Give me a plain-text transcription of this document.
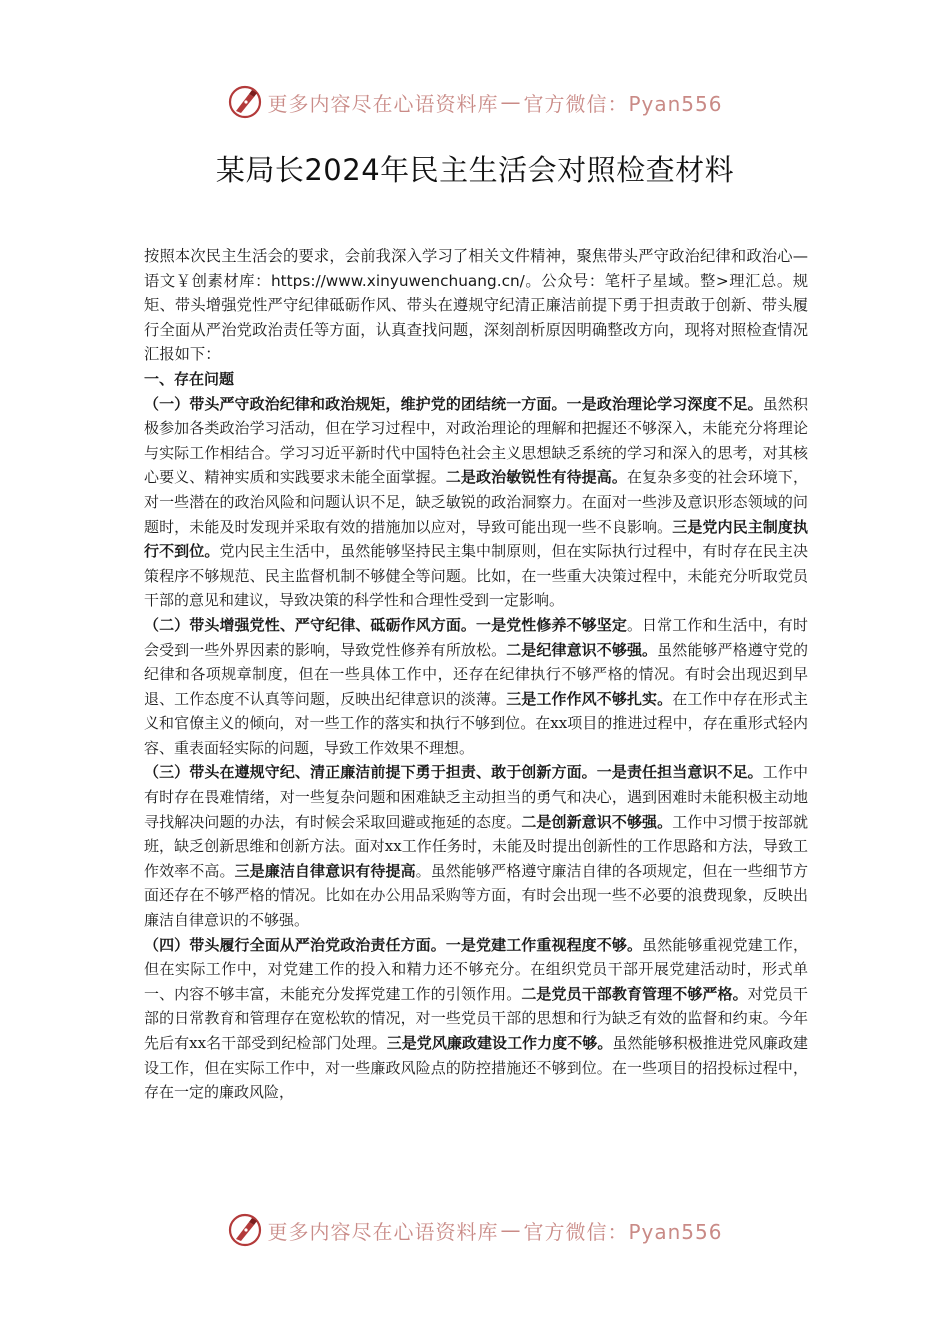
更多内容尽在心语资料库 — 官方微信：Pyan556
某局长2024年民主生活会对照检查材料

按照本次民主生活会的要求，会前我深入学习了相关文件精神，聚焦带头严守政治纪律和政治心—语文￥创素材库：https://www.xinyuwenchuang.cn/。公众号：笔杆子星域。整>理汇总。规矩、带头增强党性严守纪律砥砺作风、带头在遵规守纪清正廉洁前提下勇于担责敢于创新、带头履行全面从严治党政治责任等方面，认真查找问题，深刻剖析原因明确整改方向，现将对照检查情况汇报如下：

一、存在问题

（一）带头严守政治纪律和政治规矩，维护党的团结统一方面。一是政治理论学习深度不足。虽然积极参加各类政治学习活动，但在学习过程中，对政治理论的理解和把握还不够深入，未能充分将理论与实际工作相结合。学习习近平新时代中国特色社会主义思想缺乏系统的学习和深入的思考，对其核心要义、精神实质和实践要求未能全面掌握。二是政治敏锐性有待提高。在复杂多变的社会环境下，对一些潜在的政治风险和问题认识不足，缺乏敏锐的政治洞察力。在面对一些涉及意识形态领域的问题时，未能及时发现并采取有效的措施加以应对，导致可能出现一些不良影响。三是党内民主制度执行不到位。党内民主生活中，虽然能够坚持民主集中制原则，但在实际执行过程中，有时存在民主决策程序不够规范、民主监督机制不够健全等问题。比如，在一些重大决策过程中，未能充分听取党员干部的意见和建议，导致决策的科学性和合理性受到一定影响。

（二）带头增强党性、严守纪律、砥砺作风方面。一是党性修养不够坚定。日常工作和生活中，有时会受到一些外界因素的影响，导致党性修养有所放松。二是纪律意识不够强。虽然能够严格遵守党的纪律和各项规章制度，但在一些具体工作中，还存在纪律执行不够严格的情况。有时会出现迟到早退、工作态度不认真等问题，反映出纪律意识的淡薄。三是工作作风不够扎实。在工作中存在形式主义和官僚主义的倾向，对一些工作的落实和执行不够到位。在xx项目的推进过程中，存在重形式轻内容、重表面轻实际的问题，导致工作效果不理想。

（三）带头在遵规守纪、清正廉洁前提下勇于担责、敢于创新方面。一是责任担当意识不足。工作中有时存在畏难情绪，对一些复杂问题和困难缺乏主动担当的勇气和决心，遇到困难时未能积极主动地寻找解决问题的办法，有时候会采取回避或拖延的态度。二是创新意识不够强。工作中习惯于按部就班，缺乏创新思维和创新方法。面对xx工作任务时，未能及时提出创新性的工作思路和方法，导致工作效率不高。三是廉洁自律意识有待提高。虽然能够严格遵守廉洁自律的各项规定，但在一些细节方面还存在不够严格的情况。比如在办公用品采购等方面，有时会出现一些不必要的浪费现象，反映出廉洁自律意识的不够强。

（四）带头履行全面从严治党政治责任方面。一是党建工作重视程度不够。虽然能够重视党建工作，但在实际工作中，对党建工作的投入和精力还不够充分。在组织党员干部开展党建活动时，形式单一、内容不够丰富，未能充分发挥党建工作的引领作用。二是党员干部教育管理不够严格。对党员干部的日常教育和管理存在宽松软的情况，对一些党员干部的思想和行为缺乏有效的监督和约束。今年先后有xx名干部受到纪检部门处理。三是党风廉政建设工作力度不够。虽然能够积极推进党风廉政建设工作，但在实际工作中，对一些廉政风险点的防控措施还不够到位。在一些项目的招投标过程中，存在一定的廉政风险，

更多内容尽在心语资料库 — 官方微信：Pyan556
